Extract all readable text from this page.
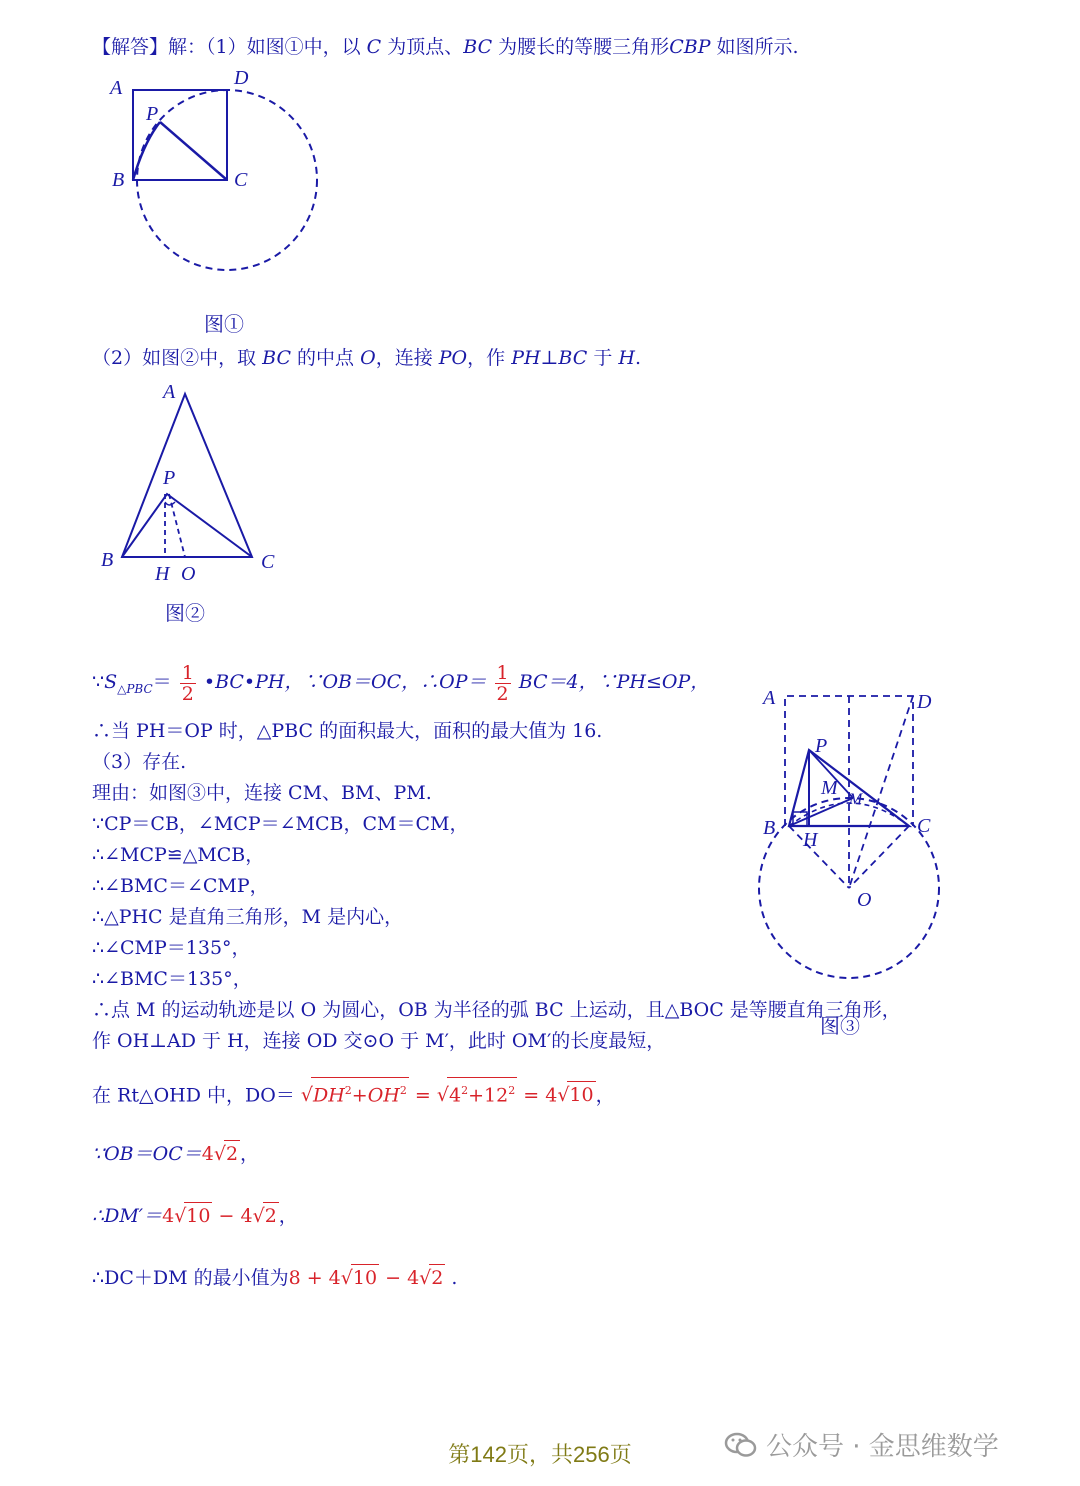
【解答】解：（1）如图①中，以 C 为顶点、BC 为腰长的等腰三角形CBP 如图所示.
A	D
P
B	C
图①
（2）如图②中，取 BC 的中点 O，连接 PO，作 PH⊥BC 于 H.
A
P
B	C
H O
图②
A	D
P
M
M
B	C
H
O
图③
$\because S_{\triangle PBC}= \frac{1}{2}$ •BC•PH，∵OB＝OC，∴OP＝ $\frac{1}{2} BC=4$，∵PH≤OP，
∴当 PH＝OP 时，△PBC 的面积最大，面积的最大值为 16.
（3）存在.
理由：如图③中，连接 CM、BM、PM.
∵CP＝CB，∠MCP＝∠MCB，CM＝CM，
∴∠MCP≌△MCB，
∴∠BMC＝∠CMP，
∴△PHC 是直角三角形，M 是内心，
∴∠CMP＝135°，
∴∠BMC＝135°，
∴点 M 的运动轨迹是以 O 为圆心，OB 为半径的弧 BC 上运动，且△BOC 是等腰直角三角形，
作 OH⊥AD 于 H，连接 OD 交⊙O 于 M′，此时 OM′的长度最短，
在 Rt△OHD 中，$DO= √DH^2+OH^2 = √4^2+12^2 = 4√10$ ，
∵OB＝OC＝4√2 ，
∴DM′＝4√10 − 4√2 ，
∴DC＋DM 的最小值为8 + 4√10 − 4√2 .
第142页，共256页	公众号 · 金思维数学
